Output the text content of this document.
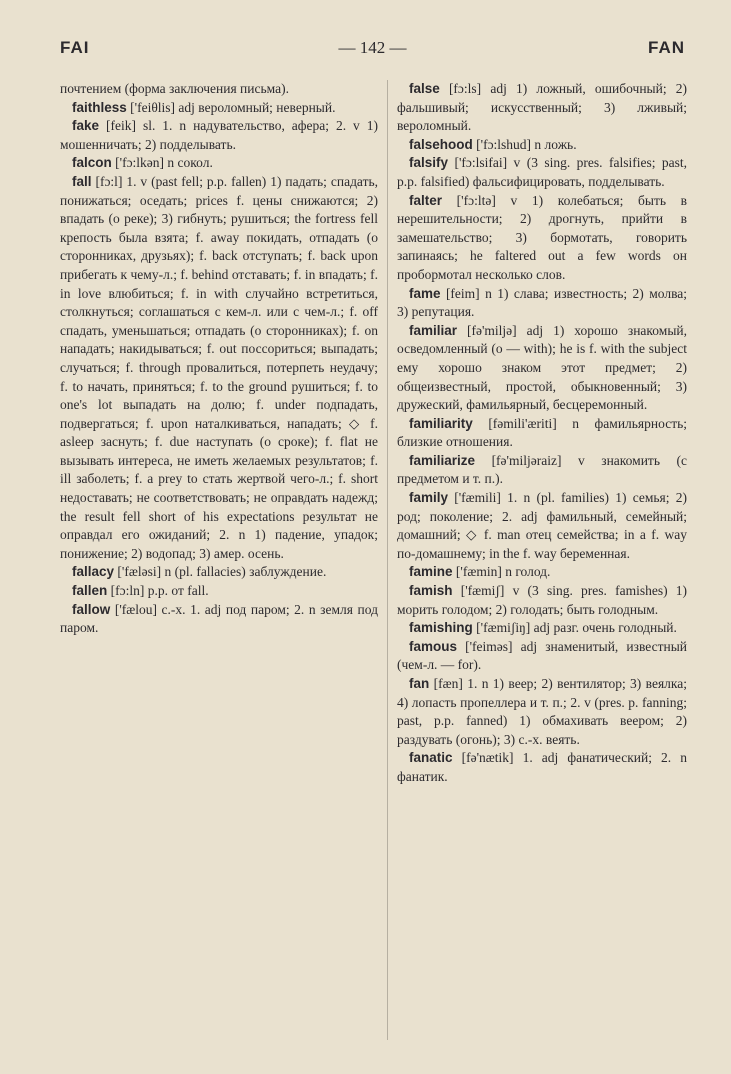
FAI	— 142 —	FAN

почтением (форма заключения письма).

faithless ['feiθlis] adj вероломный; неверный.

fake [feik] sl. 1. n надувательство, афера; 2. v 1) мошенничать; 2) подделывать.

falcon ['fɔ:lkən] n сокол.

fall [fɔ:l] 1. v (past fell; p.p. fallen) 1) падать; спадать, понижаться; оседать; prices f. цены снижаются; 2) впадать (о реке); 3) гибнуть; рушиться; the fortress fell крепость была взята; f. away покидать, отпадать (о сторонниках, друзьях); f. back отступать; f. back upon прибегать к чему-л.; f. behind отставать; f. in впадать; f. in love влюбиться; f. in with случайно встретиться, столкнуться; соглашаться с кем-л. или с чем-л.; f. off спадать, уменьшаться; отпадать (о сторонниках); f. on нападать; накидываться; f. out поссориться; выпадать; случаться; f. through провалиться, потерпеть неудачу; f. to начать, приняться; f. to the ground рушиться; f. to one's lot выпадать на долю; f. under подпадать, подвергаться; f. upon наталкиваться, нападать; ◇ f. asleep заснуть; f. due наступать (о сроке); f. flat не вызывать интереса, не иметь желаемых результатов; f. ill заболеть; f. a prey to стать жертвой чего-л.; f. short недоставать; не соответствовать; не оправдать надежд; the result fell short of his expectations результат не оправдал его ожиданий; 2. n 1) падение, упадок; понижение; 2) водопад; 3) амер. осень.

fallacy ['fæləsi] n (pl. fallacies) заблуждение.

fallen [fɔ:ln] p.p. от fall.

fallow ['fælou] c.-x. 1. adj под паром; 2. n земля под паром.

false [fɔ:ls] adj 1) ложный, ошибочный; 2) фальшивый; искусственный; 3) лживый; вероломный.

falsehood ['fɔ:lshud] n ложь.

falsify ['fɔ:lsifai] v (3 sing. pres. falsifies; past, p.p. falsified) фальсифицировать, подделывать.

falter ['fɔ:ltə] v 1) колебаться; быть в нерешительности; 2) дрогнуть, прийти в замешательство; 3) бормотать, говорить запинаясь; he faltered out a few words он пробормотал несколько слов.

fame [feim] n 1) слава; известность; 2) молва; 3) репутация.

familiar [fə'miljə] adj 1) хорошо знакомый, осведомленный (о — with); he is f. with the subject ему хорошо знаком этот предмет; 2) общеизвестный, простой, обыкновенный; 3) дружеский, фамильярный, бесцеремонный.

familiarity [fəmili'æriti] n фамильярность; близкие отношения.

familiarize [fə'miljəraiz] v знакомить (с предметом и т. п.).

family ['fæmili] 1. n (pl. families) 1) семья; 2) род; поколение; 2. adj фамильный, семейный; домашний; ◇ f. man отец семейства; in a f. way по-домашнему; in the f. way беременная.

famine ['fæmin] n голод.

famish ['fæmiʃ] v (3 sing. pres. famishes) 1) морить голодом; 2) голодать; быть голодным.

famishing ['fæmiʃiŋ] adj разг. очень голодный.

famous ['feiməs] adj знаменитый, известный (чем-л. — for).

fan [fæn] 1. n 1) веер; 2) вентилятор; 3) веялка; 4) лопасть пропеллера и т. п.; 2. v (pres. p. fanning; past, p.p. fanned) 1) обмахивать веером; 2) раздувать (огонь); 3) с.-х. веять.

fanatic [fə'nætik] 1. adj фанатический; 2. n фанатик.
